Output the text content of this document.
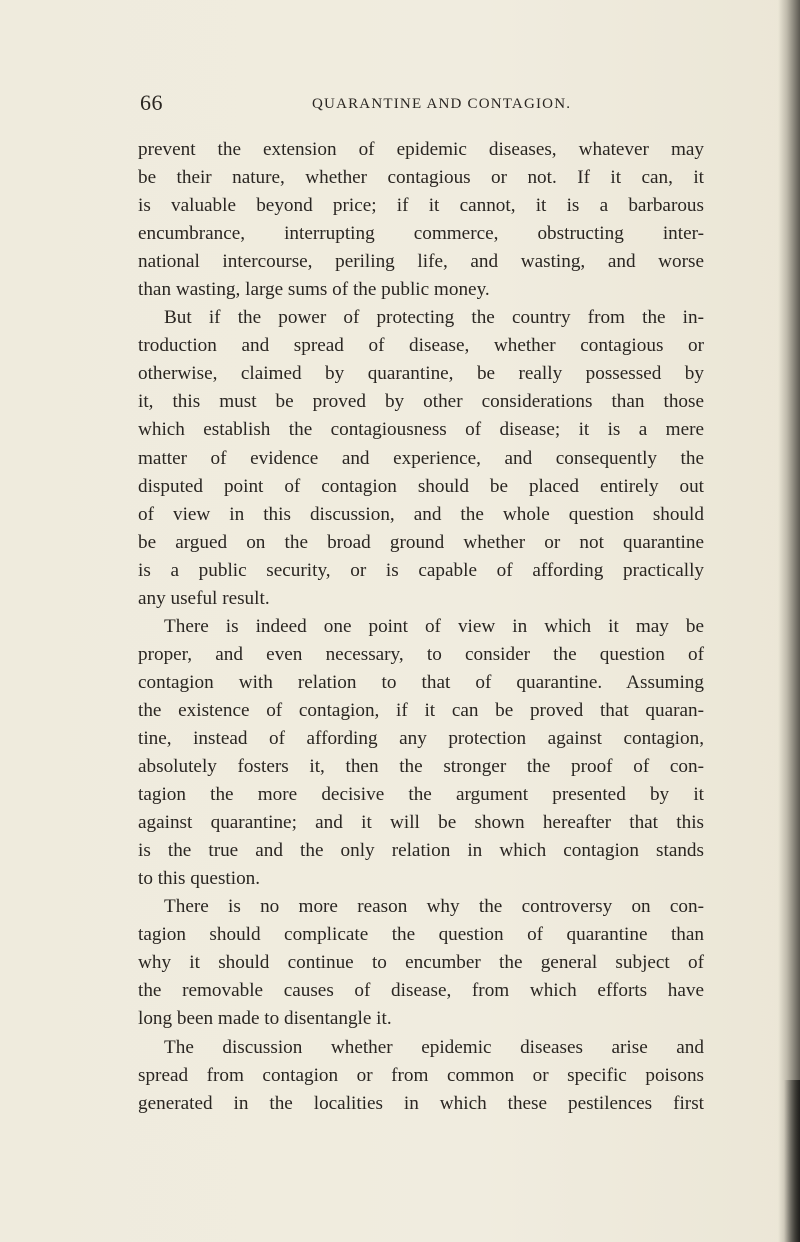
66	QUARANTINE AND CONTAGION.
prevent the extension of epidemic diseases, whatever may
be their nature, whether contagious or not. If it can, it
is valuable beyond price; if it cannot, it is a barbarous
encumbrance, interrupting commerce, obstructing inter-
national intercourse, periling life, and wasting, and worse
than wasting, large sums of the public money.
But if the power of protecting the country from the in-
troduction and spread of disease, whether contagious or
otherwise, claimed by quarantine, be really possessed by
it, this must be proved by other considerations than those
which establish the contagiousness of disease; it is a mere
matter of evidence and experience, and consequently the
disputed point of contagion should be placed entirely out
of view in this discussion, and the whole question should
be argued on the broad ground whether or not quarantine
is a public security, or is capable of affording practically
any useful result.
There is indeed one point of view in which it may be
proper, and even necessary, to consider the question of
contagion with relation to that of quarantine. Assuming
the existence of contagion, if it can be proved that quaran-
tine, instead of affording any protection against contagion,
absolutely fosters it, then the stronger the proof of con-
tagion the more decisive the argument presented by it
against quarantine; and it will be shown hereafter that this
is the true and the only relation in which contagion stands
to this question.
There is no more reason why the controversy on con-
tagion should complicate the question of quarantine than
why it should continue to encumber the general subject of
the removable causes of disease, from which efforts have
long been made to disentangle it.
The discussion whether epidemic diseases arise and
spread from contagion or from common or specific poisons
generated in the localities in which these pestilences first
